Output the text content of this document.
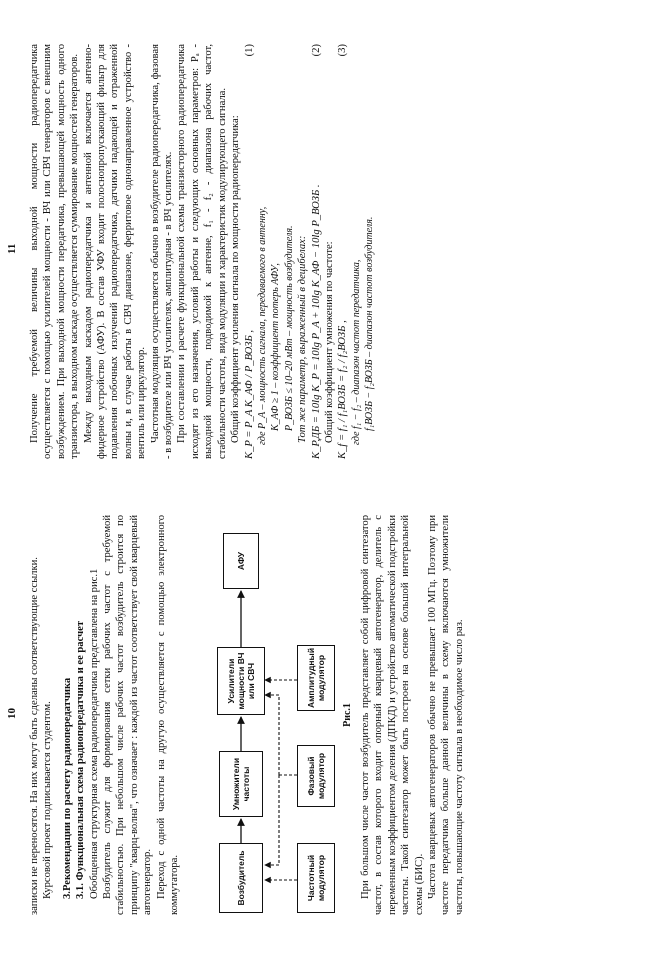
10 записки не переносятся. На них могут быть сделаны соответствующие ссылки. Курсовой проект подписывается студентом. 3.Рекомендации по расчету радиопередатчика 3.1. Функциональная схема радиопередатчика и ее расчет Обобщенная структурная схема радиопередатчика представлена на рис.1 Возбудитель служит для формирования сетки рабочих частот с требуемой стабильностью. При небольшом числе рабочих частот возбудитель строится по принципу "кварц-волна", что означает : каждой из частот соответствует свой кварцевый автогенератор. Переход с одной частоты на другую осуществляется с помощью электронного коммутатора.	Возбудитель
Умножители частоты
Усилители мощности ВЧ или СВЧ
АФУ
Частотный модулятор
Фазовый модулятор
Амплитудный модулятор
Рис.1 При большом числе частот возбудитель представляет собой цифровой синтезатор частот, в состав которого входит опорный кварцевый автогенератор, делитель с переменным коэффициентом деления (ДПКД) и устройство автоматической подстройки частоты. Такой синтезатор может быть построен на основе большой интегральной схемы (БИС). Частота кварцевых автогенераторов обычно не превышает 100 МГц. Поэтому при частоте передатчика больше данной величины в схему включаются умножители частоты, повышающие частоту сигнала в необходимое число раз.

11 Получение требуемой величины выходной мощности радиопередатчика осуществляется с помощью усилителей мощности - ВЧ или СВЧ генераторов с внешним возбуждением. При выходной мощности передатчика, превышающей мощность одного транзистора, в выходном каскаде осуществляется суммирование мощностей генераторов. Между выходным каскадом радиопередатчика и антенной включается антенно-фидерное устройство (АФУ). В состав УФУ входит полоснопропускающий фильтр для подавления побочных излучений радиопередатчика, датчики падающей и отраженной волны и, в случае работы в СВЧ диапазоне, ферритовое однонаправленное устройство - вентиль или циркулятор. Частотная модуляция осуществляется обычно в возбудителе радиопередатчика, фазовая - в возбудителе или ВЧ усилителях, амплитудная - в ВЧ усилителях. При составлении и расчете функциональной схемы транзисторного радиопередатчика исходят из его назначения, условий работы и следующих основных параметров: Pₐ - выходной мощности, подводимой к антенне, f₁ - f₂ - диапазона рабочих частот, стабильности частоты, вида модуляции и характеристик модулирующего сигнала. Общий коэффициент усиления сигнала по мощности радиопередатчика: K_P = P_A K_АФ / P_ВОЗБ ,
(1)
где P_A – мощность сигнала, передаваемого в антенну, K_АФ ≥ 1 – коэффициент потерь АФУ, P_ВОЗБ ≤ 10–20 мВт – мощность возбудителя. Тот же параметр, выраженный в децибелах: K_P,ДБ = 10lg K_P = 10lg P_A + 10lg K_АФ − 10lg P_ВОЗБ .
(2)

Общий коэффициент умножения по частоте: K_f = f₁ / f₁ВОЗБ = f₂ / f₂ВОЗБ ,
(3)
где f₁ − f₂ – диапазон частот передатчика, f₁ВОЗБ − f₂ВОЗБ – диапазон частот возбудителя.
